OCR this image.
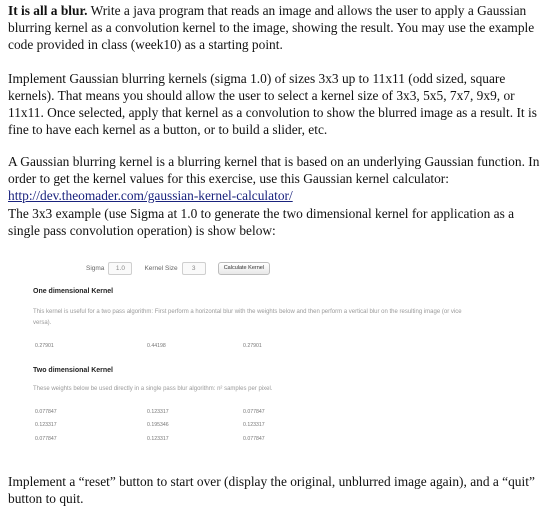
It is all a blur. Write a java program that reads an image and allows the user to apply a Gaussian blurring kernel as a convolution kernel to the image, showing the result. You may use the example code provided in class (week10) as a starting point.

Implement Gaussian blurring kernels (sigma 1.0) of sizes 3x3 up to 11x11 (odd sized, square kernels). That means you should allow the user to select a kernel size of 3x3, 5x5, 7x7, 9x9, or 11x11. Once selected, apply that kernel as a convolution to show the blurred image as a result. It is fine to have each kernel as a button, or to build a slider, etc.

A Gaussian blurring kernel is a blurring kernel that is based on an underlying Gaussian function. In order to get the kernel values for this exercise, use this Gaussian kernel calculator: http://dev.theomader.com/gaussian-kernel-calculator/

The 3x3 example (use Sigma at 1.0 to generate the two dimensional kernel for application as a single pass convolution operation) is show below:

Sigma	1.0	Kernel Size	3	Calculate Kernel
One dimensional Kernel
This kernel is useful for a two pass algorithm: First perform a horizontal blur with the weights below and then perform a vertical blur on the resulting image (or vice versa).
0.27901	0.44198	0.27901
Two dimensional Kernel
These weights below be used directly in a single pass blur algorithm: n² samples per pixel.
0.077847	0.123317	0.077847
0.123317	0.195346	0.123317
0.077847	0.123317	0.077847

Implement a “reset” button to start over (display the original, unblurred image again), and a “quit” button to quit.
